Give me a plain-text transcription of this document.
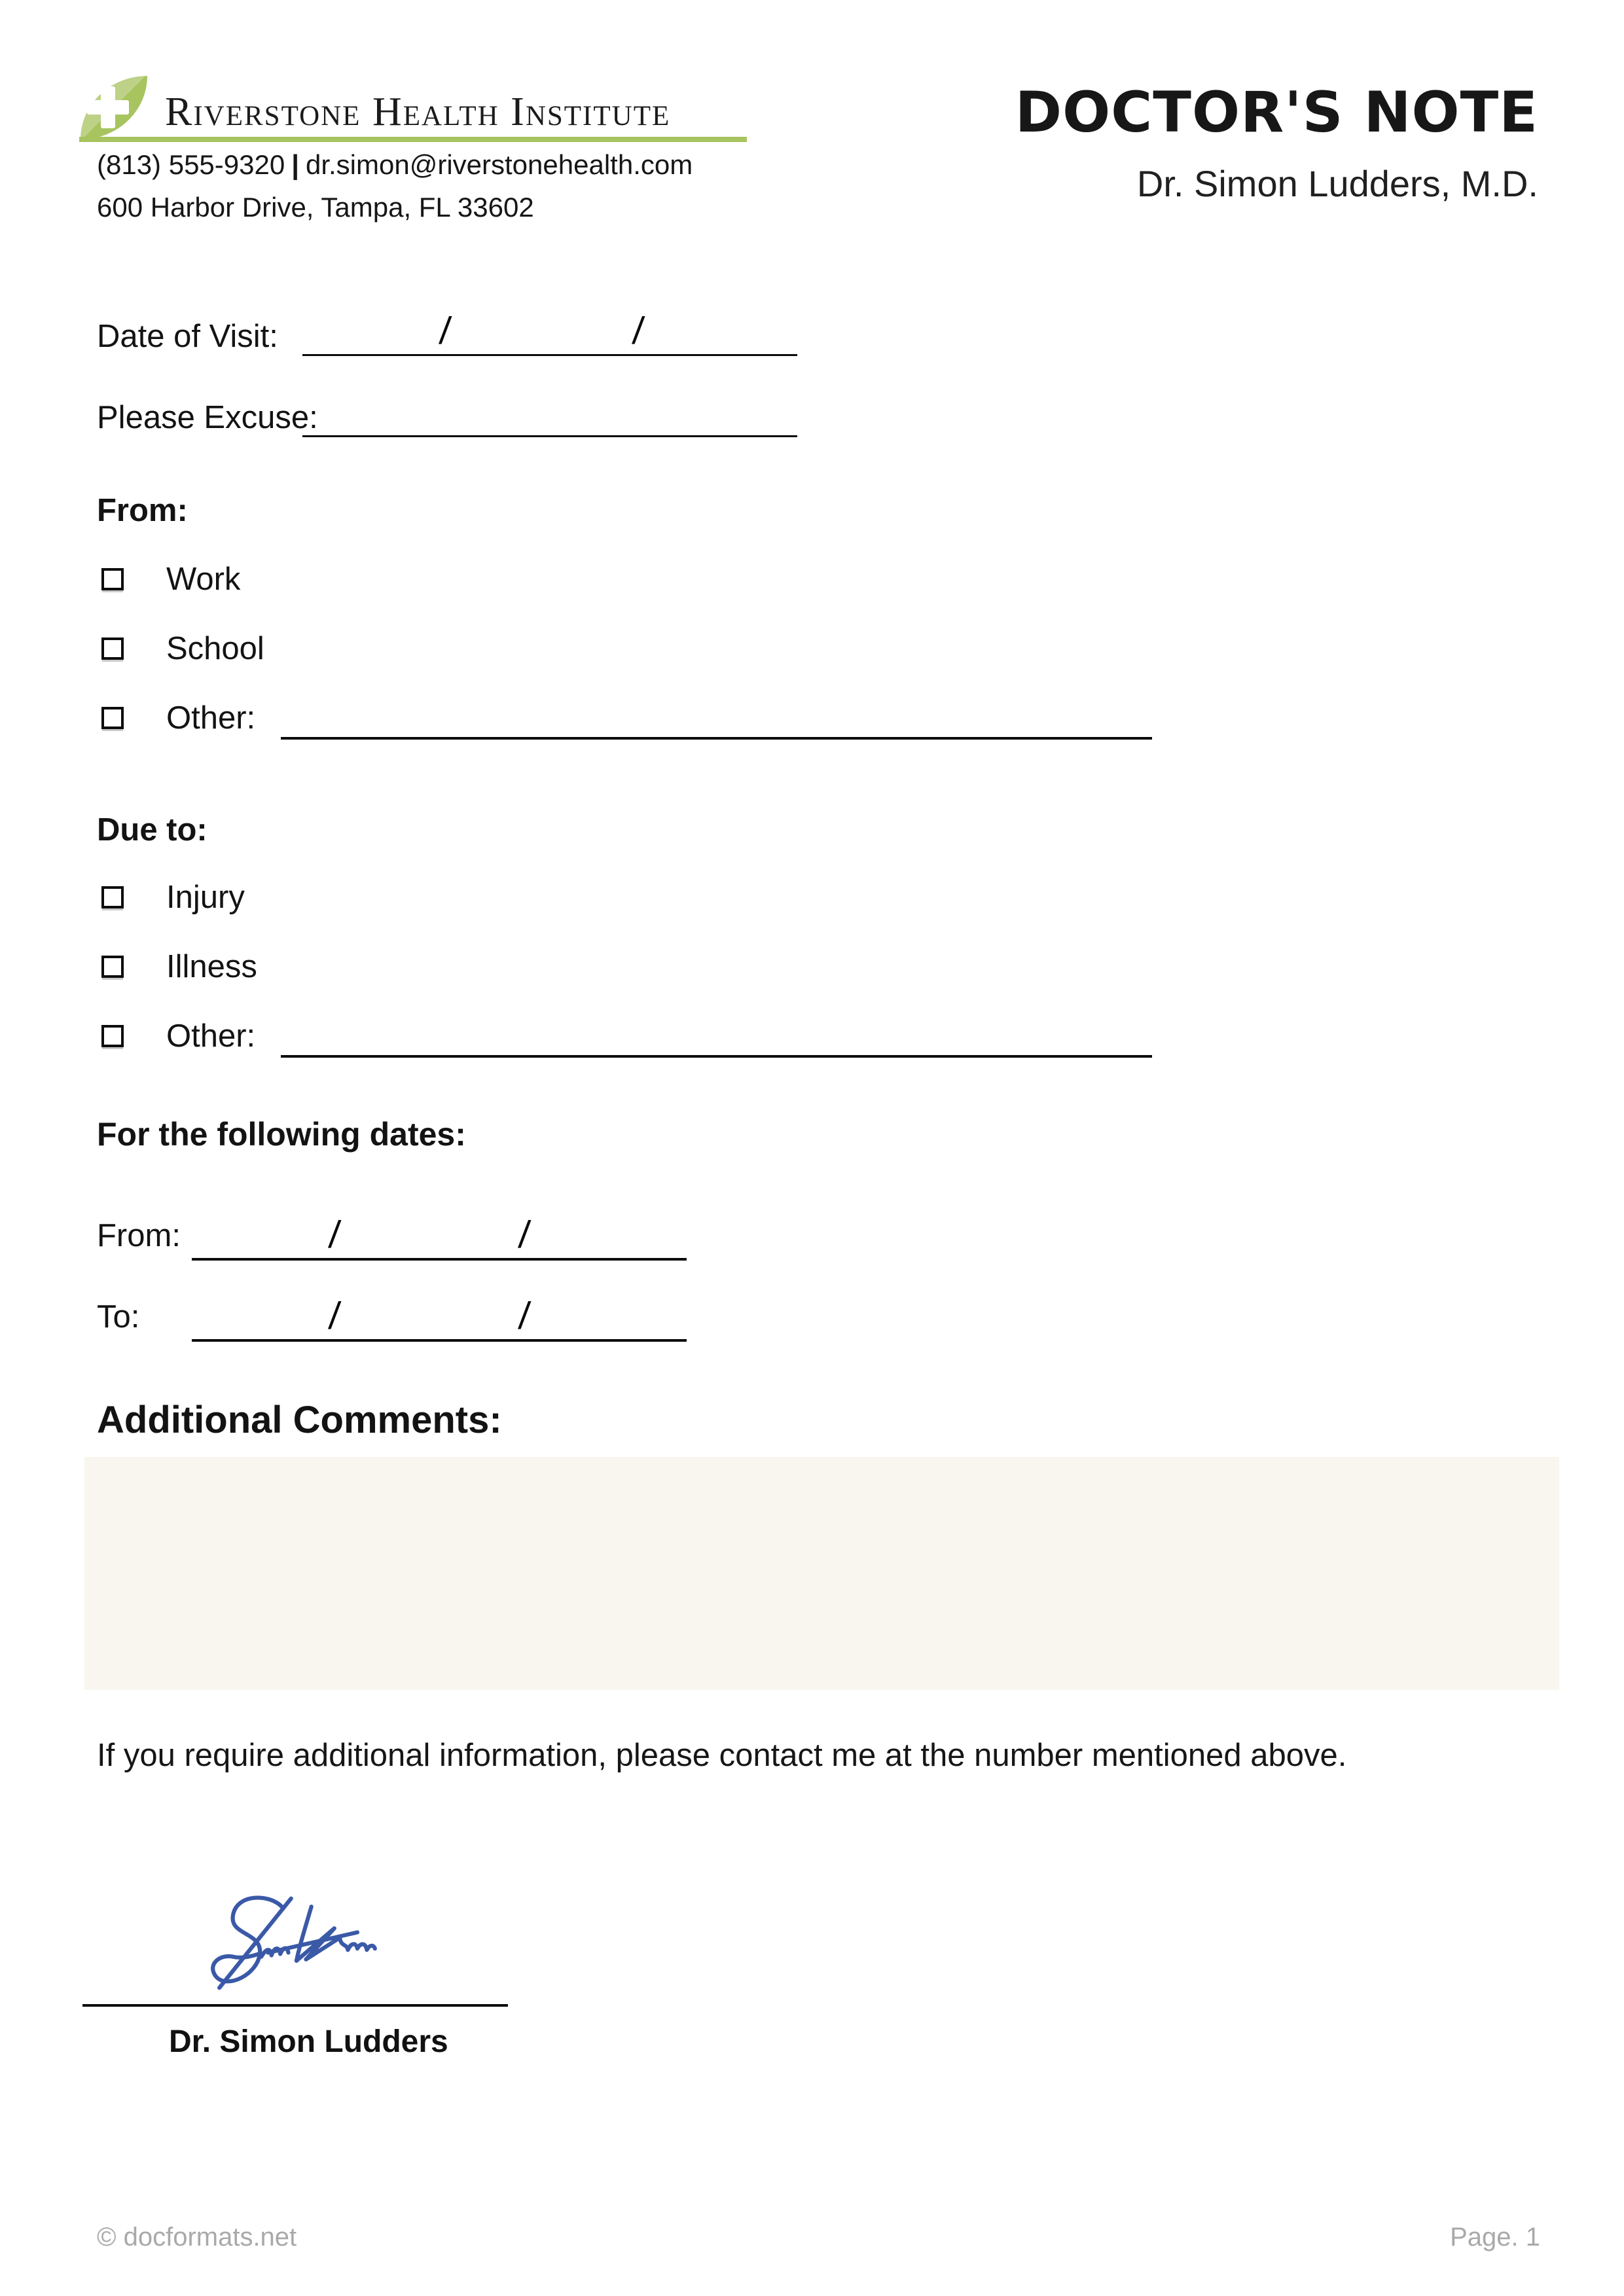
Riverstone Health Institute
(813) 555-9320 | dr.simon@riverstonehealth.com
600 Harbor Drive, Tampa, FL 33602
DOCTOR'S NOTE
Dr. Simon Ludders, M.D.
Date of Visit:	/	/
Please Excuse:
From:
Work
School
Other:
Due to:
Injury
Illness
Other:
For the following dates:
From:	/	/
To:	/	/
Additional Comments:
If you require additional information, please contact me at the number mentioned above.
Dr. Simon Ludders
© docformats.net	Page. 1
